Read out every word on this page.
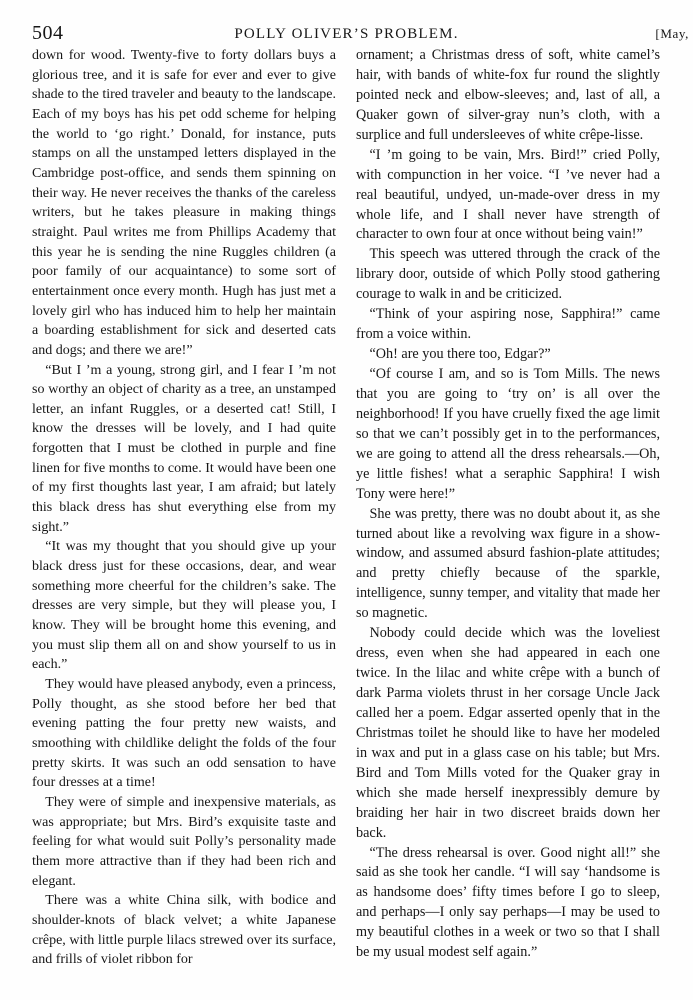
504	POLLY OLIVER’S PROBLEM.	[May,

down for wood. Twenty-five to forty dollars buys a glorious tree, and it is safe for ever and ever to give shade to the tired traveler and beauty to the landscape. Each of my boys has his pet odd scheme for helping the world to ‘go right.’ Donald, for instance, puts stamps on all the unstamped letters displayed in the Cambridge post-office, and sends them spinning on their way. He never receives the thanks of the careless writers, but he takes pleasure in making things straight. Paul writes me from Phillips Academy that this year he is sending the nine Ruggles children (a poor family of our acquaintance) to some sort of entertainment once every month. Hugh has just met a lovely girl who has induced him to help her maintain a boarding establishment for sick and deserted cats and dogs; and there we are!”

“But I ’m a young, strong girl, and I fear I ’m not so worthy an object of charity as a tree, an unstamped letter, an infant Ruggles, or a deserted cat! Still, I know the dresses will be lovely, and I had quite forgotten that I must be clothed in purple and fine linen for five months to come. It would have been one of my first thoughts last year, I am afraid; but lately this black dress has shut everything else from my sight.”

“It was my thought that you should give up your black dress just for these occasions, dear, and wear something more cheerful for the children’s sake. The dresses are very simple, but they will please you, I know. They will be brought home this evening, and you must slip them all on and show yourself to us in each.”

They would have pleased anybody, even a princess, Polly thought, as she stood before her bed that evening patting the four pretty new waists, and smoothing with childlike delight the folds of the four pretty skirts. It was such an odd sensation to have four dresses at a time!

They were of simple and inexpensive materials, as was appropriate; but Mrs. Bird’s exquisite taste and feeling for what would suit Polly’s personality made them more attractive than if they had been rich and elegant.

There was a white China silk, with bodice and shoulder-knots of black velvet; a white Japanese crêpe, with little purple lilacs strewed over its surface, and frills of violet ribbon for

ornament; a Christmas dress of soft, white camel’s hair, with bands of white-fox fur round the slightly pointed neck and elbow-sleeves; and, last of all, a Quaker gown of silver-gray nun’s cloth, with a surplice and full undersleeves of white crêpe-lisse.

“I ’m going to be vain, Mrs. Bird!” cried Polly, with compunction in her voice. “I ’ve never had a real beautiful, undyed, un-made-over dress in my whole life, and I shall never have strength of character to own four at once without being vain!”

This speech was uttered through the crack of the library door, outside of which Polly stood gathering courage to walk in and be criticized.

“Think of your aspiring nose, Sapphira!” came from a voice within.

“Oh! are you there too, Edgar?”

“Of course I am, and so is Tom Mills. The news that you are going to ‘try on’ is all over the neighborhood! If you have cruelly fixed the age limit so that we can’t possibly get in to the performances, we are going to attend all the dress rehearsals.—Oh, ye little fishes! what a seraphic Sapphira! I wish Tony were here!”

She was pretty, there was no doubt about it, as she turned about like a revolving wax figure in a show-window, and assumed absurd fashion-plate attitudes; and pretty chiefly because of the sparkle, intelligence, sunny temper, and vitality that made her so magnetic.

Nobody could decide which was the loveliest dress, even when she had appeared in each one twice. In the lilac and white crêpe with a bunch of dark Parma violets thrust in her corsage Uncle Jack called her a poem. Edgar asserted openly that in the Christmas toilet he should like to have her modeled in wax and put in a glass case on his table; but Mrs. Bird and Tom Mills voted for the Quaker gray in which she made herself inexpressibly demure by braiding her hair in two discreet braids down her back.

“The dress rehearsal is over. Good night all!” she said as she took her candle. “I will say ‘handsome is as handsome does’ fifty times before I go to sleep, and perhaps—I only say perhaps—I may be used to my beautiful clothes in a week or two so that I shall be my usual modest self again.”
